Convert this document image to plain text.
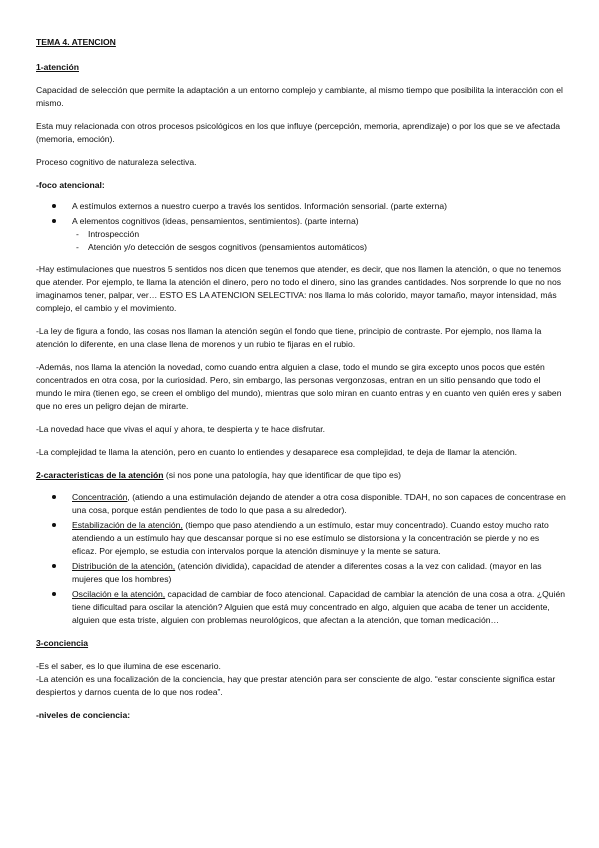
TEMA 4. ATENCION
1-atención

Capacidad de selección que permite la adaptación a un entorno complejo y cambiante, al mismo tiempo que posibilita la interacción con el mismo.

Esta muy relacionada con otros procesos psicológicos en los que influye (percepción, memoria, aprendizaje) o por los que se ve afectada (memoria, emoción).

Proceso cognitivo de naturaleza selectiva.

-foco atencional:
A estímulos externos a nuestro cuerpo a través los sentidos. Información sensorial. (parte externa)
A elementos cognitivos (ideas, pensamientos, sentimientos). (parte interna)
- Introspección
- Atención y/o detección de sesgos cognitivos (pensamientos automáticos)

-Hay estimulaciones que nuestros 5 sentidos nos dicen que tenemos que atender, es decir, que nos llamen la atención, o que no tenemos que atender. Por ejemplo, te llama la atención el dinero, pero no todo el dinero, sino las grandes cantidades. Nos sorprende lo que no nos imaginamos tener, palpar, ver… ESTO ES LA ATENCION SELECTIVA: nos llama lo más colorido, mayor tamaño, mayor intensidad, más complejo, el cambio y el movimiento.

-La ley de figura a fondo, las cosas nos llaman la atención según el fondo que tiene, principio de contraste. Por ejemplo, nos llama la atención lo diferente, en una clase llena de morenos y un rubio te fijaras en el rubio.

-Además, nos llama la atención la novedad, como cuando entra alguien a clase, todo el mundo se gira excepto unos pocos que estén concentrados en otra cosa, por la curiosidad. Pero, sin embargo, las personas vergonzosas, entran en un sitio pensando que todo el mundo le mira (tienen ego, se creen el ombligo del mundo), mientras que solo miran en cuanto entras y en cuanto ven quién eres y saben que no eres un peligro dejan de mirarte.

-La novedad hace que vivas el aquí y ahora, te despierta y te hace disfrutar.

-La complejidad te llama la atención, pero en cuanto lo entiendes y desaparece esa complejidad, te deja de llamar la atención.

2-caracteristicas de la atención (si nos pone una patología, hay que identificar de que tipo es)
Concentración, (atiendo a una estimulación dejando de atender a otra cosa disponible. TDAH, no son capaces de concentrase en una cosa, porque están pendientes de todo lo que pasa a su alrededor).
Estabilización de la atención, (tiempo que paso atendiendo a un estímulo, estar muy concentrado). Cuando estoy mucho rato atendiendo a un estímulo hay que descansar porque si no ese estímulo se distorsiona y la concentración se pierde y no es eficaz. Por ejemplo, se estudia con intervalos porque la atención disminuye y la mente se satura.
Distribución de la atención, (atención dividida), capacidad de atender a diferentes cosas a la vez con calidad. (mayor en las mujeres que los hombres)
Oscilación e la atención, capacidad de cambiar de foco atencional. Capacidad de cambiar la atención de una cosa a otra. ¿Quién tiene dificultad para oscilar la atención? Alguien que está muy concentrado en algo, alguien que acaba de tener un accidente, alguien que esta triste, alguien con problemas neurológicos, que afectan a la atención, que toman medicación…
3-conciencia

-Es el saber, es lo que ilumina de ese escenario.

-La atención es una focalización de la conciencia, hay que prestar atención para ser consciente de algo. “estar consciente significa estar despiertos y darnos cuenta de lo que nos rodea”.

-niveles de conciencia:
